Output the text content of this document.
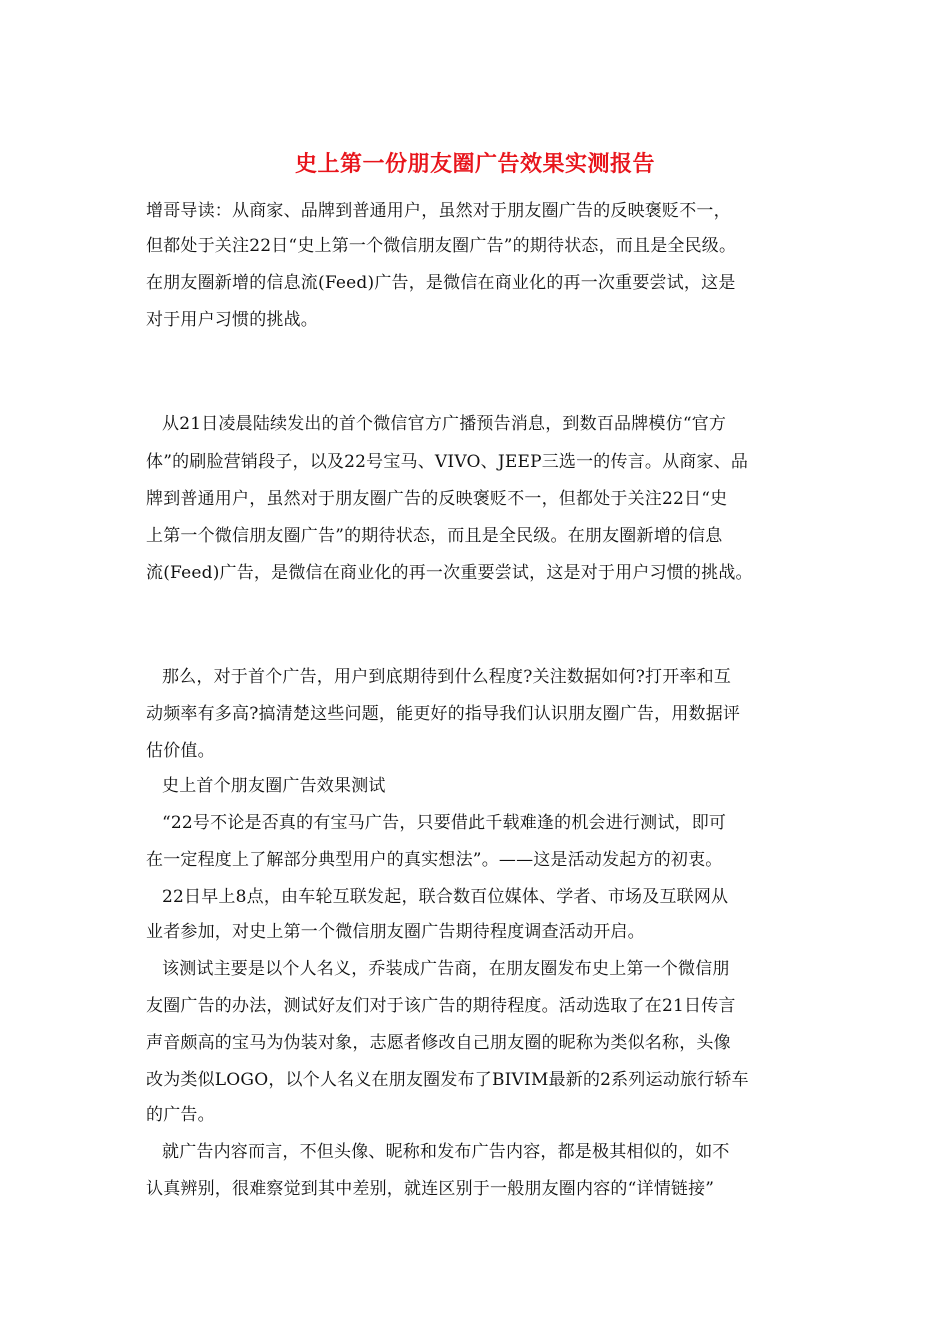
史上第一份朋友圈广告效果实测报告
增哥导读：从商家、品牌到普通用户，虽然对于朋友圈广告的反映褒贬不一，
但都处于关注22日“史上第一个微信朋友圈广告”的期待状态，而且是全民级。
在朋友圈新增的信息流(Feed)广告，是微信在商业化的再一次重要尝试，这是
对于用户习惯的挑战。
从21日凌晨陆续发出的首个微信官方广播预告消息，到数百品牌模仿“官方
体”的刷脸营销段子，以及22号宝马、VIVO、JEEP三选一的传言。从商家、品
牌到普通用户，虽然对于朋友圈广告的反映褒贬不一，但都处于关注22日“史
上第一个微信朋友圈广告”的期待状态，而且是全民级。在朋友圈新增的信息
流(Feed)广告，是微信在商业化的再一次重要尝试，这是对于用户习惯的挑战。
那么，对于首个广告，用户到底期待到什么程度?关注数据如何?打开率和互
动频率有多高?搞清楚这些问题，能更好的指导我们认识朋友圈广告，用数据评
估价值。
史上首个朋友圈广告效果测试
“22号不论是否真的有宝马广告，只要借此千载难逢的机会进行测试，即可
在一定程度上了解部分典型用户的真实想法”。——这是活动发起方的初衷。
22日早上8点，由车轮互联发起，联合数百位媒体、学者、市场及互联网从
业者参加，对史上第一个微信朋友圈广告期待程度调查活动开启。
该测试主要是以个人名义，乔装成广告商，在朋友圈发布史上第一个微信朋
友圈广告的办法，测试好友们对于该广告的期待程度。活动选取了在21日传言
声音颇高的宝马为伪装对象，志愿者修改自己朋友圈的昵称为类似名称，头像
改为类似LOGO，以个人名义在朋友圈发布了BIVIM最新的2系列运动旅行轿车
的广告。
就广告内容而言，不但头像、昵称和发布广告内容，都是极其相似的，如不
认真辨别，很难察觉到其中差别，就连区别于一般朋友圈内容的“详情链接”
